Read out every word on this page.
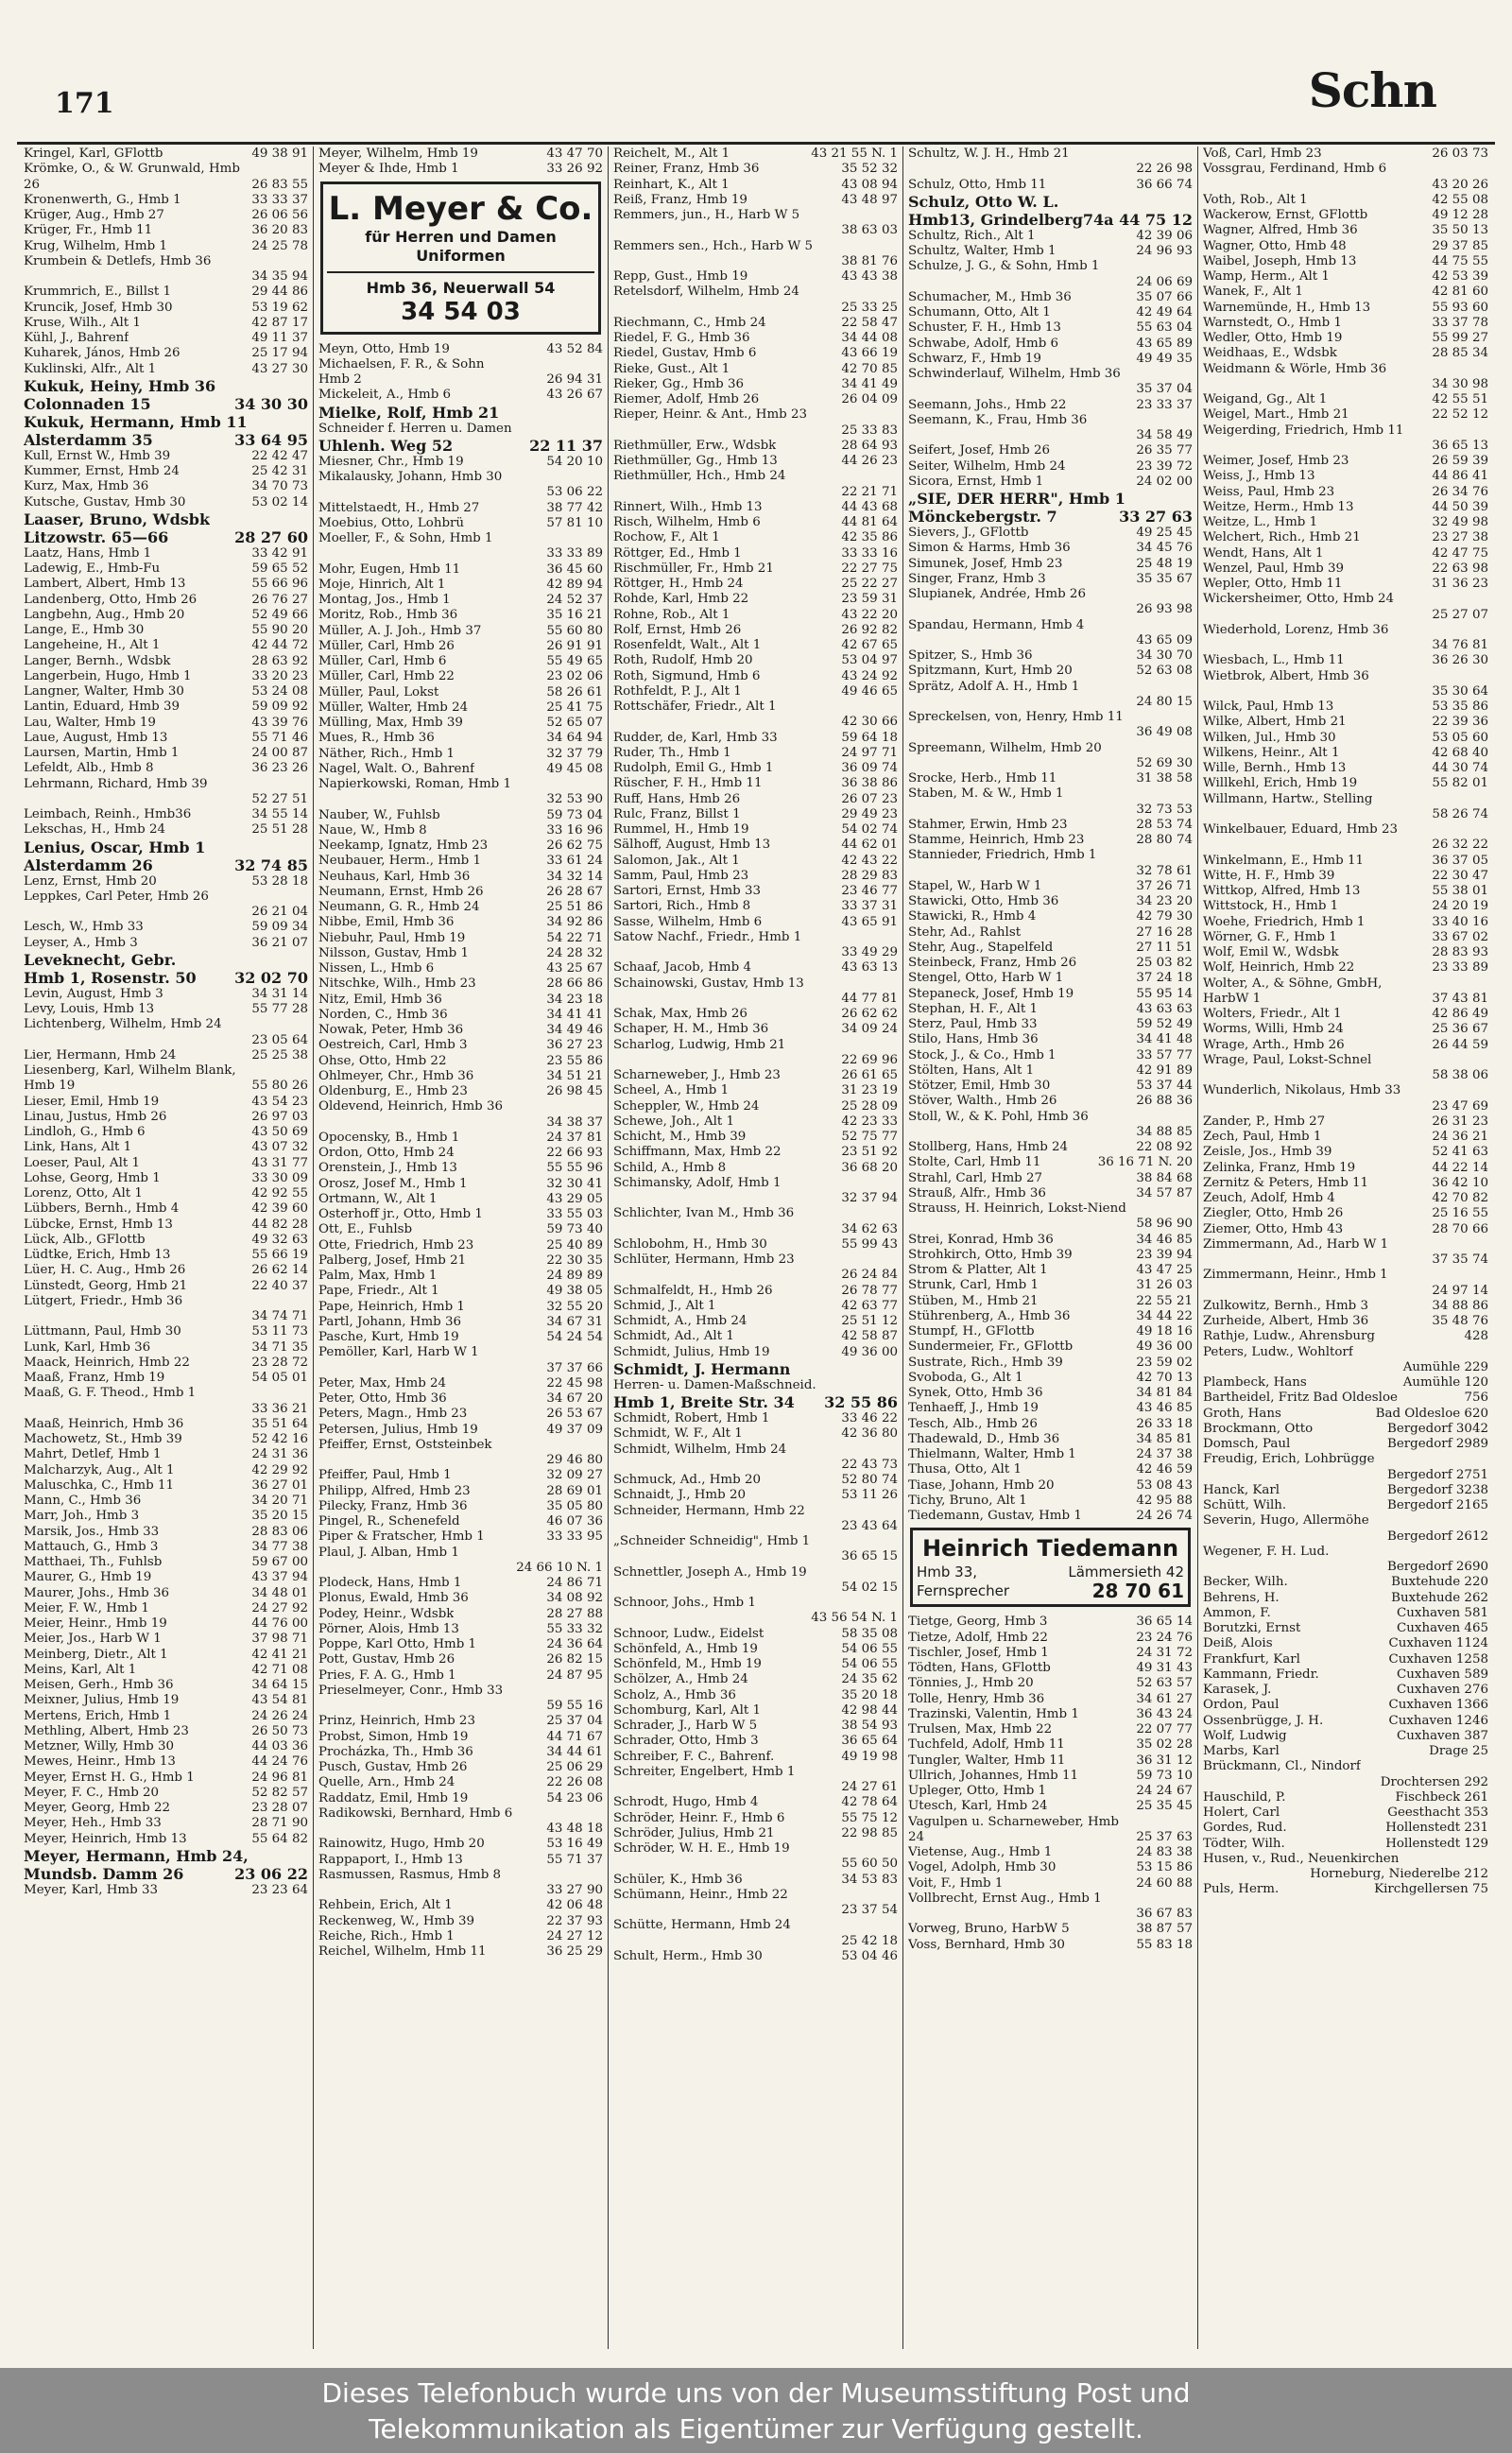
171	Schn
Kringel, Karl, GFlottb	49 38 91
Krömke, O., & W. Grunwald, Hmb
26	26 83 55
Kronenwerth, G., Hmb 1	33 33 37
Krüger, Aug., Hmb 27	26 06 56
Krüger, Fr., Hmb 11	36 20 83
Krug, Wilhelm, Hmb 1	24 25 78
Krumbein & Detlefs, Hmb 36
34 35 94
Krummrich, E., Billst 1	29 44 86
Kruncik, Josef, Hmb 30	53 19 62
Kruse, Wilh., Alt 1	42 87 17
Kühl, J., Bahrenf	49 11 37
Kuharek, János, Hmb 26	25 17 94
Kuklinski, Alfr., Alt 1	43 27 30
Kukuk, Heiny, Hmb 36
Colonnaden 15	34 30 30
Kukuk, Hermann, Hmb 11
Alsterdamm 35	33 64 95
Kull, Ernst W., Hmb 39	22 42 47
Kummer, Ernst, Hmb 24	25 42 31
Kurz, Max, Hmb 36	34 70 73
Kutsche, Gustav, Hmb 30	53 02 14
Laaser, Bruno, Wdsbk
Litzowstr. 65—66	28 27 60
Laatz, Hans, Hmb 1	33 42 91
Ladewig, E., Hmb-Fu	59 65 52
Lambert, Albert, Hmb 13	55 66 96
Landenberg, Otto, Hmb 26	26 76 27
Langbehn, Aug., Hmb 20	52 49 66
Lange, E., Hmb 30	55 90 20
Langeheine, H., Alt 1	42 44 72
Langer, Bernh., Wdsbk	28 63 92
Langerbein, Hugo, Hmb 1	33 20 23
Langner, Walter, Hmb 30	53 24 08
Lantin, Eduard, Hmb 39	59 09 92
Lau, Walter, Hmb 19	43 39 76
Laue, August, Hmb 13	55 71 46
Laursen, Martin, Hmb 1	24 00 87
Lefeldt, Alb., Hmb 8	36 23 26
Lehrmann, Richard, Hmb 39
52 27 51
Leimbach, Reinh., Hmb36	34 55 14
Lekschas, H., Hmb 24	25 51 28
Lenius, Oscar, Hmb 1
Alsterdamm 26	32 74 85
Lenz, Ernst, Hmb 20	53 28 18
Leppkes, Carl Peter, Hmb 26
26 21 04
Lesch, W., Hmb 33	59 09 34
Leyser, A., Hmb 3	36 21 07
Leveknecht, Gebr.
Hmb 1, Rosenstr. 50	32 02 70
Levin, August, Hmb 3	34 31 14
Levy, Louis, Hmb 13	55 77 28
Lichtenberg, Wilhelm, Hmb 24
23 05 64
Lier, Hermann, Hmb 24	25 25 38
Liesenberg, Karl, Wilhelm Blank,
Hmb 19	55 80 26
Lieser, Emil, Hmb 19	43 54 23
Linau, Justus, Hmb 26	26 97 03
Lindloh, G., Hmb 6	43 50 69
Link, Hans, Alt 1	43 07 32
Loeser, Paul, Alt 1	43 31 77
Lohse, Georg, Hmb 1	33 30 09
Lorenz, Otto, Alt 1	42 92 55
Lübbers, Bernh., Hmb 4	42 39 60
Lübcke, Ernst, Hmb 13	44 82 28
Lück, Alb., GFlottb	49 32 63
Lüdtke, Erich, Hmb 13	55 66 19
Lüer, H. C. Aug., Hmb 26	26 62 14
Lünstedt, Georg, Hmb 21	22 40 37
Lütgert, Friedr., Hmb 36
34 74 71
Lüttmann, Paul, Hmb 30	53 11 73
Lunk, Karl, Hmb 36	34 71 35
Maack, Heinrich, Hmb 22	23 28 72
Maaß, Franz, Hmb 19	54 05 01
Maaß, G. F. Theod., Hmb 1
33 36 21
Maaß, Heinrich, Hmb 36	35 51 64
Machowetz, St., Hmb 39	52 42 16
Mahrt, Detlef, Hmb 1	24 31 36
Malcharzyk, Aug., Alt 1	42 29 92
Maluschka, C., Hmb 11	36 27 01
Mann, C., Hmb 36	34 20 71
Marr, Joh., Hmb 3	35 20 15
Marsik, Jos., Hmb 33	28 83 06
Mattauch, G., Hmb 3	34 77 38
Matthaei, Th., Fuhlsb	59 67 00
Maurer, G., Hmb 19	43 37 94
Maurer, Johs., Hmb 36	34 48 01
Meier, F. W., Hmb 1	24 27 92
Meier, Heinr., Hmb 19	44 76 00
Meier, Jos., Harb W 1	37 98 71
Meinberg, Dietr., Alt 1	42 41 21
Meins, Karl, Alt 1	42 71 08
Meisen, Gerh., Hmb 36	34 64 15
Meixner, Julius, Hmb 19	43 54 81
Mertens, Erich, Hmb 1	24 26 24
Methling, Albert, Hmb 23	26 50 73
Metzner, Willy, Hmb 30	44 03 36
Mewes, Heinr., Hmb 13	44 24 76
Meyer, Ernst H. G., Hmb 1	24 96 81
Meyer, F. C., Hmb 20	52 82 57
Meyer, Georg, Hmb 22	23 28 07
Meyer, Heh., Hmb 33	28 71 90
Meyer, Heinrich, Hmb 13	55 64 82
Meyer, Hermann, Hmb 24,
Mundsb. Damm 26	23 06 22
Meyer, Karl, Hmb 33	23 23 64
Meyer, Wilhelm, Hmb 19	43 47 70
Meyer & Ihde, Hmb 1	33 26 92
L. Meyer & Co.
für Herren und Damen
Uniformen
Hmb 36, Neuerwall 54
34 54 03
Meyn, Otto, Hmb 19	43 52 84
Michaelsen, F. R., & Sohn
Hmb 2	26 94 31
Mickeleit, A., Hmb 6	43 26 67
Mielke, Rolf, Hmb 21
Schneider f. Herren u. Damen
Uhlenh. Weg 52	22 11 37
Miesner, Chr., Hmb 19	54 20 10
Mikalausky, Johann, Hmb 30
53 06 22
Mittelstaedt, H., Hmb 27	38 77 42
Moebius, Otto, Lohbrü	57 81 10
Moeller, F., & Sohn, Hmb 1
33 33 89
Mohr, Eugen, Hmb 11	36 45 60
Moje, Hinrich, Alt 1	42 89 94
Montag, Jos., Hmb 1	24 52 37
Moritz, Rob., Hmb 36	35 16 21
Müller, A. J. Joh., Hmb 37	55 60 80
Müller, Carl, Hmb 26	26 91 91
Müller, Carl, Hmb 6	55 49 65
Müller, Carl, Hmb 22	23 02 06
Müller, Paul, Lokst	58 26 61
Müller, Walter, Hmb 24	25 41 75
Mülling, Max, Hmb 39	52 65 07
Mues, R., Hmb 36	34 64 94
Näther, Rich., Hmb 1	32 37 79
Nagel, Walt. O., Bahrenf	49 45 08
Napierkowski, Roman, Hmb 1
32 53 90
Nauber, W., Fuhlsb	59 73 04
Naue, W., Hmb 8	33 16 96
Neekamp, Ignatz, Hmb 23	26 62 75
Neubauer, Herm., Hmb 1	33 61 24
Neuhaus, Karl, Hmb 36	34 32 14
Neumann, Ernst, Hmb 26	26 28 67
Neumann, G. R., Hmb 24	25 51 86
Nibbe, Emil, Hmb 36	34 92 86
Niebuhr, Paul, Hmb 19	54 22 71
Nilsson, Gustav, Hmb 1	24 28 32
Nissen, L., Hmb 6	43 25 67
Nitschke, Wilh., Hmb 23	28 66 86
Nitz, Emil, Hmb 36	34 23 18
Norden, C., Hmb 36	34 41 41
Nowak, Peter, Hmb 36	34 49 46
Oestreich, Carl, Hmb 3	36 27 23
Ohse, Otto, Hmb 22	23 55 86
Ohlmeyer, Chr., Hmb 36	34 51 21
Oldenburg, E., Hmb 23	26 98 45
Oldevend, Heinrich, Hmb 36
34 38 37
Opocensky, B., Hmb 1	24 37 81
Ordon, Otto, Hmb 24	22 66 93
Orenstein, J., Hmb 13	55 55 96
Orosz, Josef M., Hmb 1	32 30 41
Ortmann, W., Alt 1	43 29 05
Osterhoff jr., Otto, Hmb 1	33 55 03
Ott, E., Fuhlsb	59 73 40
Otte, Friedrich, Hmb 23	25 40 89
Palberg, Josef, Hmb 21	22 30 35
Palm, Max, Hmb 1	24 89 89
Pape, Friedr., Alt 1	49 38 05
Pape, Heinrich, Hmb 1	32 55 20
Partl, Johann, Hmb 36	34 67 31
Pasche, Kurt, Hmb 19	54 24 54
Pemöller, Karl, Harb W 1
37 37 66
Peter, Max, Hmb 24	22 45 98
Peter, Otto, Hmb 36	34 67 20
Peters, Magn., Hmb 23	26 53 67
Petersen, Julius, Hmb 19	49 37 09
Pfeiffer, Ernst, Oststeinbek
29 46 80
Pfeiffer, Paul, Hmb 1	32 09 27
Philipp, Alfred, Hmb 23	28 69 01
Pilecky, Franz, Hmb 36	35 05 80
Pingel, R., Schenefeld	46 07 36
Piper & Fratscher, Hmb 1	33 33 95
Plaul, J. Alban, Hmb 1
24 66 10 N. 1
Plodeck, Hans, Hmb 1	24 86 71
Plonus, Ewald, Hmb 36	34 08 92
Podey, Heinr., Wdsbk	28 27 88
Pörner, Alois, Hmb 13	55 33 32
Poppe, Karl Otto, Hmb 1	24 36 64
Pott, Gustav, Hmb 26	26 82 15
Pries, F. A. G., Hmb 1	24 87 95
Prieselmeyer, Conr., Hmb 33
59 55 16
Prinz, Heinrich, Hmb 23	25 37 04
Probst, Simon, Hmb 19	44 71 67
Procházka, Th., Hmb 36	34 44 61
Pusch, Gustav, Hmb 26	25 06 29
Quelle, Arn., Hmb 24	22 26 08
Raddatz, Emil, Hmb 19	54 23 06
Radikowski, Bernhard, Hmb 6
43 48 18
Rainowitz, Hugo, Hmb 20	53 16 49
Rappaport, I., Hmb 13	55 71 37
Rasmussen, Rasmus, Hmb 8
33 27 90
Rehbein, Erich, Alt 1	42 06 48
Reckenweg, W., Hmb 39	22 37 93
Reiche, Rich., Hmb 1	24 27 12
Reichel, Wilhelm, Hmb 11	36 25 29
Reichelt, M., Alt 1	43 21 55 N. 1
Reiner, Franz, Hmb 36	35 52 32
Reinhart, K., Alt 1	43 08 94
Reiß, Franz, Hmb 19	43 48 97
Remmers, jun., H., Harb W 5
38 63 03
Remmers sen., Hch., Harb W 5
38 81 76
Repp, Gust., Hmb 19	43 43 38
Retelsdorf, Wilhelm, Hmb 24
25 33 25
Riechmann, C., Hmb 24	22 58 47
Riedel, F. G., Hmb 36	34 44 08
Riedel, Gustav, Hmb 6	43 66 19
Rieke, Gust., Alt 1	42 70 85
Rieker, Gg., Hmb 36	34 41 49
Riemer, Adolf, Hmb 26	26 04 09
Rieper, Heinr. & Ant., Hmb 23
25 33 83
Riethmüller, Erw., Wdsbk	28 64 93
Riethmüller, Gg., Hmb 13	44 26 23
Riethmüller, Hch., Hmb 24
22 21 71
Rinnert, Wilh., Hmb 13	44 43 68
Risch, Wilhelm, Hmb 6	44 81 64
Rochow, F., Alt 1	42 35 86
Röttger, Ed., Hmb 1	33 33 16
Rischmüller, Fr., Hmb 21	22 27 75
Röttger, H., Hmb 24	25 22 27
Rohde, Karl, Hmb 22	23 59 31
Rohne, Rob., Alt 1	43 22 20
Rolf, Ernst, Hmb 26	26 92 82
Rosenfeldt, Walt., Alt 1	42 67 65
Roth, Rudolf, Hmb 20	53 04 97
Roth, Sigmund, Hmb 6	43 24 92
Rothfeldt, P. J., Alt 1	49 46 65
Rottschäfer, Friedr., Alt 1
42 30 66
Rudder, de, Karl, Hmb 33	59 64 18
Ruder, Th., Hmb 1	24 97 71
Rudolph, Emil G., Hmb 1	36 09 74
Rüscher, F. H., Hmb 11	36 38 86
Ruff, Hans, Hmb 26	26 07 23
Rulc, Franz, Billst 1	29 49 23
Rummel, H., Hmb 19	54 02 74
Sälhoff, August, Hmb 13	44 62 01
Salomon, Jak., Alt 1	42 43 22
Samm, Paul, Hmb 23	28 29 83
Sartori, Ernst, Hmb 33	23 46 77
Sartori, Rich., Hmb 8	33 37 31
Sasse, Wilhelm, Hmb 6	43 65 91
Satow Nachf., Friedr., Hmb 1
33 49 29
Schaaf, Jacob, Hmb 4	43 63 13
Schainowski, Gustav, Hmb 13
44 77 81
Schak, Max, Hmb 26	26 62 62
Schaper, H. M., Hmb 36	34 09 24
Scharlog, Ludwig, Hmb 21
22 69 96
Scharneweber, J., Hmb 23	26 61 65
Scheel, A., Hmb 1	31 23 19
Scheppler, W., Hmb 24	25 28 09
Schewe, Joh., Alt 1	42 23 33
Schicht, M., Hmb 39	52 75 77
Schiffmann, Max, Hmb 22	23 51 92
Schild, A., Hmb 8	36 68 20
Schimansky, Adolf, Hmb 1
32 37 94
Schlichter, Ivan M., Hmb 36
34 62 63
Schlobohm, H., Hmb 30	55 99 43
Schlüter, Hermann, Hmb 23
26 24 84
Schmalfeldt, H., Hmb 26	26 78 77
Schmid, J., Alt 1	42 63 77
Schmidt, A., Hmb 24	25 51 12
Schmidt, Ad., Alt 1	42 58 87
Schmidt, Julius, Hmb 19	49 36 00
Schmidt, J. Hermann
Herren- u. Damen-Maßschneid.
Hmb 1, Breite Str. 34 32 55 86
Schmidt, Robert, Hmb 1	33 46 22
Schmidt, W. F., Alt 1	42 36 80
Schmidt, Wilhelm, Hmb 24
22 43 73
Schmuck, Ad., Hmb 20	52 80 74
Schnaidt, J., Hmb 20	53 11 26
Schneider, Hermann, Hmb 22
23 43 64
„Schneider Schneidig", Hmb 1
36 65 15
Schnettler, Joseph A., Hmb 19
54 02 15
Schnoor, Johs., Hmb 1
43 56 54 N. 1
Schnoor, Ludw., Eidelst	58 35 08
Schönfeld, A., Hmb 19	54 06 55
Schönfeld, M., Hmb 19	54 06 55
Schölzer, A., Hmb 24	24 35 62
Scholz, A., Hmb 36	35 20 18
Schomburg, Karl, Alt 1	42 98 44
Schrader, J., Harb W 5	38 54 93
Schrader, Otto, Hmb 3	36 65 64
Schreiber, F. C., Bahrenf.	49 19 98
Schreiter, Engelbert, Hmb 1
24 27 61
Schrodt, Hugo, Hmb 4	42 78 64
Schröder, Heinr. F., Hmb 6	55 75 12
Schröder, Julius, Hmb 21	22 98 85
Schröder, W. H. E., Hmb 19
55 60 50
Schüler, K., Hmb 36	34 53 83
Schümann, Heinr., Hmb 22
23 37 54
Schütte, Hermann, Hmb 24
25 42 18
Schult, Herm., Hmb 30	53 04 46
Schultz, W. J. H., Hmb 21
22 26 98
Schulz, Otto, Hmb 11	36 66 74
Schulz, Otto W. L.
Hmb13, Grindelberg74a 44 75 12
Schultz, Rich., Alt 1	42 39 06
Schultz, Walter, Hmb 1	24 96 93
Schulze, J. G., & Sohn, Hmb 1
24 06 69
Schumacher, M., Hmb 36	35 07 66
Schumann, Otto, Alt 1	42 49 64
Schuster, F. H., Hmb 13	55 63 04
Schwabe, Adolf, Hmb 6	43 65 89
Schwarz, F., Hmb 19	49 49 35
Schwinderlauf, Wilhelm, Hmb 36
35 37 04
Seemann, Johs., Hmb 22	23 33 37
Seemann, K., Frau, Hmb 36
34 58 49
Seifert, Josef, Hmb 26	26 35 77
Seiter, Wilhelm, Hmb 24	23 39 72
Sicora, Ernst, Hmb 1	24 02 00
„SIE, DER HERR", Hmb 1
Mönckebergstr. 7	33 27 63
Sievers, J., GFlottb	49 25 45
Simon & Harms, Hmb 36	34 45 76
Simunek, Josef, Hmb 23	25 48 19
Singer, Franz, Hmb 3	35 35 67
Slupianek, Andrée, Hmb 26
26 93 98
Spandau, Hermann, Hmb 4
43 65 09
Spitzer, S., Hmb 36	34 30 70
Spitzmann, Kurt, Hmb 20	52 63 08
Sprätz, Adolf A. H., Hmb 1
24 80 15
Spreckelsen, von, Henry, Hmb 11
36 49 08
Spreemann, Wilhelm, Hmb 20
52 69 30
Srocke, Herb., Hmb 11	31 38 58
Staben, M. & W., Hmb 1
32 73 53
Stahmer, Erwin, Hmb 23	28 53 74
Stamme, Heinrich, Hmb 23	28 80 74
Stannieder, Friedrich, Hmb 1
32 78 61
Stapel, W., Harb W 1	37 26 71
Stawicki, Otto, Hmb 36	34 23 20
Stawicki, R., Hmb 4	42 79 30
Stehr, Ad., Rahlst	27 16 28
Stehr, Aug., Stapelfeld	27 11 51
Steinbeck, Franz, Hmb 26	25 03 82
Stengel, Otto, Harb W 1	37 24 18
Stepaneck, Josef, Hmb 19	55 95 14
Stephan, H. F., Alt 1	43 63 63
Sterz, Paul, Hmb 33	59 52 49
Stilo, Hans, Hmb 36	34 41 48
Stock, J., & Co., Hmb 1	33 57 77
Stölten, Hans, Alt 1	42 91 89
Stötzer, Emil, Hmb 30	53 37 44
Stöver, Walth., Hmb 26	26 88 36
Stoll, W., & K. Pohl, Hmb 36
34 88 85
Stollberg, Hans, Hmb 24	22 08 92
Stolte, Carl, Hmb 11	36 16 71 N. 20
Strahl, Carl, Hmb 27	38 84 68
Strauß, Alfr., Hmb 36	34 57 87
Strauss, H. Heinrich, Lokst-Niend
58 96 90
Strei, Konrad, Hmb 36	34 46 85
Strohkirch, Otto, Hmb 39	23 39 94
Strom & Platter, Alt 1	43 47 25
Strunk, Carl, Hmb 1	31 26 03
Stüben, M., Hmb 21	22 55 21
Stührenberg, A., Hmb 36	34 44 22
Stumpf, H., GFlottb	49 18 16
Sundermeier, Fr., GFlottb	49 36 00
Sustrate, Rich., Hmb 39	23 59 02
Svoboda, G., Alt 1	42 70 13
Synek, Otto, Hmb 36	34 81 84
Tenhaeff, J., Hmb 19	43 46 85
Tesch, Alb., Hmb 26	26 33 18
Thadewald, D., Hmb 36	34 85 81
Thielmann, Walter, Hmb 1	24 37 38
Thusa, Otto, Alt 1	42 46 59
Tiase, Johann, Hmb 20	53 08 43
Tichy, Bruno, Alt 1	42 95 88
Tiedemann, Gustav, Hmb 1	24 26 74
Heinrich Tiedemann
Hmb 33,	Lämmersieth 42
Fernsprecher	28 70 61
Tietge, Georg, Hmb 3	36 65 14
Tietze, Adolf, Hmb 22	23 24 76
Tischler, Josef, Hmb 1	24 31 72
Tödten, Hans, GFlottb	49 31 43
Tönnies, J., Hmb 20	52 63 57
Tolle, Henry, Hmb 36	34 61 27
Trazinski, Valentin, Hmb 1	36 43 24
Trulsen, Max, Hmb 22	22 07 77
Tuchfeld, Adolf, Hmb 11	35 02 28
Tungler, Walter, Hmb 11	36 31 12
Ullrich, Johannes, Hmb 11	59 73 10
Upleger, Otto, Hmb 1	24 24 67
Utesch, Karl, Hmb 24	25 35 45
Vagulpen u. Scharneweber, Hmb
24	25 37 63
Vietense, Aug., Hmb 1	24 83 38
Vogel, Adolph, Hmb 30	53 15 86
Voit, F., Hmb 1	24 60 88
Vollbrecht, Ernst Aug., Hmb 1
36 67 83
Vorweg, Bruno, HarbW 5	38 87 57
Voss, Bernhard, Hmb 30	55 83 18
Voß, Carl, Hmb 23	26 03 73
Vossgrau, Ferdinand, Hmb 6
43 20 26
Voth, Rob., Alt 1	42 55 08
Wackerow, Ernst, GFlottb	49 12 28
Wagner, Alfred, Hmb 36	35 50 13
Wagner, Otto, Hmb 48	29 37 85
Waibel, Joseph, Hmb 13	44 75 55
Wamp, Herm., Alt 1	42 53 39
Wanek, F., Alt 1	42 81 60
Warnemünde, H., Hmb 13	55 93 60
Warnstedt, O., Hmb 1	33 37 78
Wedler, Otto, Hmb 19	55 99 27
Weidhaas, E., Wdsbk	28 85 34
Weidmann & Wörle, Hmb 36
34 30 98
Weigand, Gg., Alt 1	42 55 51
Weigel, Mart., Hmb 21	22 52 12
Weigerding, Friedrich, Hmb 11
36 65 13
Weimer, Josef, Hmb 23	26 59 39
Weiss, J., Hmb 13	44 86 41
Weiss, Paul, Hmb 23	26 34 76
Weitze, Herm., Hmb 13	44 50 39
Weitze, L., Hmb 1	32 49 98
Welchert, Rich., Hmb 21	23 27 38
Wendt, Hans, Alt 1	42 47 75
Wenzel, Paul, Hmb 39	22 63 98
Wepler, Otto, Hmb 11	31 36 23
Wickersheimer, Otto, Hmb 24
25 27 07
Wiederhold, Lorenz, Hmb 36
34 76 81
Wiesbach, L., Hmb 11	36 26 30
Wietbrok, Albert, Hmb 36
35 30 64
Wilck, Paul, Hmb 13	53 35 86
Wilke, Albert, Hmb 21	22 39 36
Wilken, Jul., Hmb 30	53 05 60
Wilkens, Heinr., Alt 1	42 68 40
Wille, Bernh., Hmb 13	44 30 74
Willkehl, Erich, Hmb 19	55 82 01
Willmann, Hartw., Stelling
58 26 74
Winkelbauer, Eduard, Hmb 23
26 32 22
Winkelmann, E., Hmb 11	36 37 05
Witte, H. F., Hmb 39	22 30 47
Wittkop, Alfred, Hmb 13	55 38 01
Wittstock, H., Hmb 1	24 20 19
Woehe, Friedrich, Hmb 1	33 40 16
Wörner, G. F., Hmb 1	33 67 02
Wolf, Emil W., Wdsbk	28 83 93
Wolf, Heinrich, Hmb 22	23 33 89
Wolter, A., & Söhne, GmbH,
HarbW 1	37 43 81
Wolters, Friedr., Alt 1	42 86 49
Worms, Willi, Hmb 24	25 36 67
Wrage, Arth., Hmb 26	26 44 59
Wrage, Paul, Lokst-Schnel
58 38 06
Wunderlich, Nikolaus, Hmb 33
23 47 69
Zander, P., Hmb 27	26 31 23
Zech, Paul, Hmb 1	24 36 21
Zeisle, Jos., Hmb 39	52 41 63
Zelinka, Franz, Hmb 19	44 22 14
Zernitz & Peters, Hmb 11	36 42 10
Zeuch, Adolf, Hmb 4	42 70 82
Ziegler, Otto, Hmb 26	25 16 55
Ziemer, Otto, Hmb 43	28 70 66
Zimmermann, Ad., Harb W 1
37 35 74
Zimmermann, Heinr., Hmb 1
24 97 14
Zulkowitz, Bernh., Hmb 3	34 88 86
Zurheide, Albert, Hmb 36	35 48 76
Rathje, Ludw., Ahrensburg	428
Peters, Ludw., Wohltorf
Aumühle 229
Plambeck, Hans	Aumühle 120
Bartheidel, Fritz Bad Oldesloe	756
Groth, Hans	Bad Oldesloe 620
Brockmann, Otto	Bergedorf 3042
Domsch, Paul	Bergedorf 2989
Freudig, Erich, Lohbrügge
Bergedorf 2751
Hanck, Karl	Bergedorf 3238
Schütt, Wilh.	Bergedorf 2165
Severin, Hugo, Allermöhe
Bergedorf 2612
Wegener, F. H. Lud.
Bergedorf 2690
Becker, Wilh.	Buxtehude 220
Behrens, H.	Buxtehude 262
Ammon, F.	Cuxhaven 581
Borutzki, Ernst	Cuxhaven 465
Deiß, Alois	Cuxhaven 1124
Frankfurt, Karl	Cuxhaven 1258
Kammann, Friedr.	Cuxhaven 589
Karasek, J.	Cuxhaven 276
Ordon, Paul	Cuxhaven 1366
Ossenbrügge, J. H.	Cuxhaven 1246
Wolf, Ludwig	Cuxhaven 387
Marbs, Karl	Drage 25
Brückmann, Cl., Nindorf
Drochtersen 292
Hauschild, P.	Fischbeck 261
Holert, Carl	Geesthacht 353
Gordes, Rud.	Hollenstedt 231
Tödter, Wilh.	Hollenstedt 129
Husen, v., Rud., Neuenkirchen
Horneburg, Niederelbe 212
Puls, Herm.	Kirchgellersen 75
Dieses Telefonbuch wurde uns von der Museumsstiftung Post und
Telekommunikation als Eigentümer zur Verfügung gestellt.
